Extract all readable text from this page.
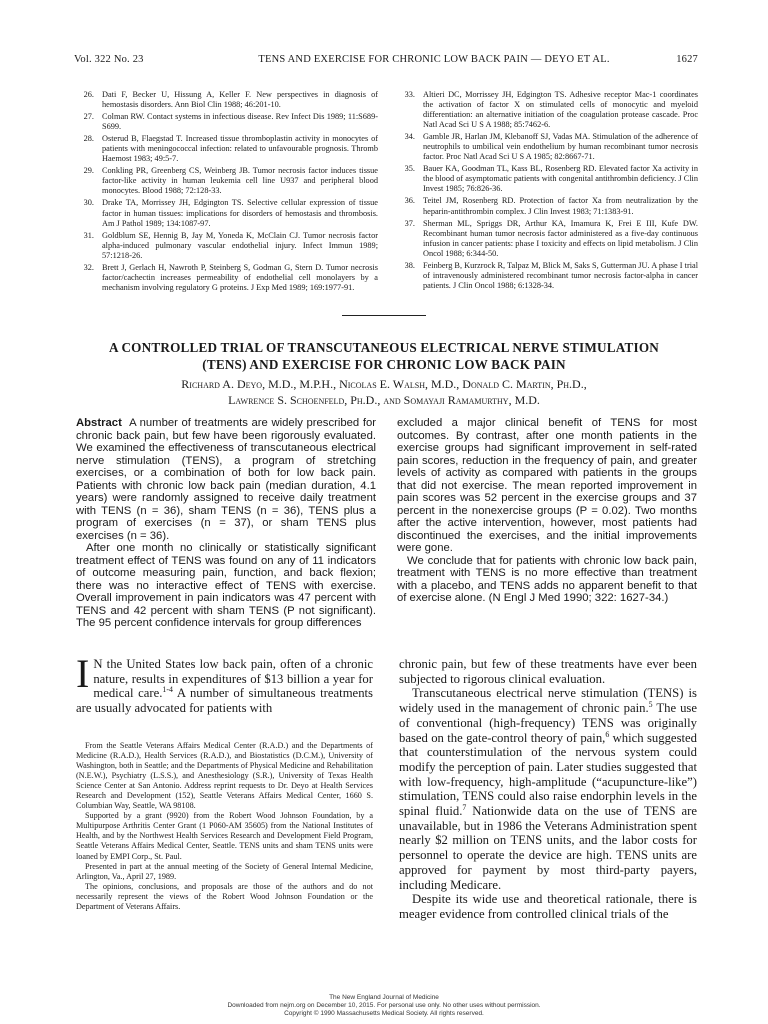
Vol. 322 No. 23	TENS AND EXERCISE FOR CHRONIC LOW BACK PAIN — DEYO ET AL.	1627
26. Dati F, Becker U, Hissung A, Keller F. New perspectives in diagnosis of hemostasis disorders. Ann Biol Clin 1988; 46:201-10.
27. Colman RW. Contact systems in infectious disease. Rev Infect Dis 1989; 11:S689-S699.
28. Osterud B, Flaegstad T. Increased tissue thromboplastin activity in monocytes of patients with meningococcal infection: related to unfavourable prognosis. Thromb Haemost 1983; 49:5-7.
29. Conkling PR, Greenberg CS, Weinberg JB. Tumor necrosis factor induces tissue factor-like activity in human leukemia cell line U937 and peripheral blood monocytes. Blood 1988; 72:128-33.
30. Drake TA, Morrissey JH, Edgington TS. Selective cellular expression of tissue factor in human tissues: implications for disorders of hemostasis and thrombosis. Am J Pathol 1989; 134:1087-97.
31. Goldblum SE, Hennig B, Jay M, Yoneda K, McClain CJ. Tumor necrosis factor alpha-induced pulmonary vascular endothelial injury. Infect Immun 1989; 57:1218-26.
32. Brett J, Gerlach H, Nawroth P, Steinberg S, Godman G, Stern D. Tumor necrosis factor/cachectin increases permeability of endothelial cell monolayers by a mechanism involving regulatory G proteins. J Exp Med 1989; 169:1977-91.
33. Altieri DC, Morrissey JH, Edgington TS. Adhesive receptor Mac-1 coordinates the activation of factor X on stimulated cells of monocytic and myeloid differentiation: an alternative initiation of the coagulation protease cascade. Proc Natl Acad Sci U S A 1988; 85:7462-6.
34. Gamble JR, Harlan JM, Klebanoff SJ, Vadas MA. Stimulation of the adherence of neutrophils to umbilical vein endothelium by human recombinant tumor necrosis factor. Proc Natl Acad Sci U S A 1985; 82:8667-71.
35. Bauer KA, Goodman TL, Kass BL, Rosenberg RD. Elevated factor Xa activity in the blood of asymptomatic patients with congenital antithrombin deficiency. J Clin Invest 1985; 76:826-36.
36. Teitel JM, Rosenberg RD. Protection of factor Xa from neutralization by the heparin-antithrombin complex. J Clin Invest 1983; 71:1383-91.
37. Sherman ML, Spriggs DR, Arthur KA, Imamura K, Frei E III, Kufe DW. Recombinant human tumor necrosis factor administered as a five-day continuous infusion in cancer patients: phase I toxicity and effects on lipid metabolism. J Clin Oncol 1988; 6:344-50.
38. Feinberg B, Kurzrock R, Talpaz M, Blick M, Saks S, Gutterman JU. A phase I trial of intravenously administered recombinant tumor necrosis factor-alpha in cancer patients. J Clin Oncol 1988; 6:1328-34.
A CONTROLLED TRIAL OF TRANSCUTANEOUS ELECTRICAL NERVE STIMULATION
(TENS) AND EXERCISE FOR CHRONIC LOW BACK PAIN
Richard A. Deyo, M.D., M.P.H., Nicolas E. Walsh, M.D., Donald C. Martin, Ph.D.,
Lawrence S. Schoenfeld, Ph.D., and Somayaji Ramamurthy, M.D.

Abstract A number of treatments are widely prescribed for chronic back pain, but few have been rigorously evaluated. We examined the effectiveness of transcutaneous electrical nerve stimulation (TENS), a program of stretching exercises, or a combination of both for low back pain. Patients with chronic low back pain (median duration, 4.1 years) were randomly assigned to receive daily treatment with TENS (n = 36), sham TENS (n = 36), TENS plus a program of exercises (n = 37), or sham TENS plus exercises (n = 36).

After one month no clinically or statistically significant treatment effect of TENS was found on any of 11 indicators of outcome measuring pain, function, and back flexion; there was no interactive effect of TENS with exercise. Overall improvement in pain indicators was 47 percent with TENS and 42 percent with sham TENS (P not significant). The 95 percent confidence intervals for group differences

excluded a major clinical benefit of TENS for most outcomes. By contrast, after one month patients in the exercise groups had significant improvement in self-rated pain scores, reduction in the frequency of pain, and greater levels of activity as compared with patients in the groups that did not exercise. The mean reported improvement in pain scores was 52 percent in the exercise groups and 37 percent in the nonexercise groups (P = 0.02). Two months after the active intervention, however, most patients had discontinued the exercises, and the initial improvements were gone.

We conclude that for patients with chronic low back pain, treatment with TENS is no more effective than treatment with a placebo, and TENS adds no apparent benefit to that of exercise alone. (N Engl J Med 1990; 322: 1627-34.)

I N the United States low back pain, often of a chronic nature, results in expenditures of $13 billion a year for medical care.$^{1-4}$ A number of simultaneous treatments are usually advocated for patients with

From the Seattle Veterans Affairs Medical Center (R.A.D.) and the Departments of Medicine (R.A.D.), Health Services (R.A.D.), and Biostatistics (D.C.M.), University of Washington, both in Seattle; and the Departments of Physical Medicine and Rehabilitation (N.E.W.), Psychiatry (L.S.S.), and Anesthesiology (S.R.), University of Texas Health Science Center at San Antonio. Address reprint requests to Dr. Deyo at Health Services Research and Development (152), Seattle Veterans Affairs Medical Center, 1660 S. Columbian Way, Seattle, WA 98108.

Supported by a grant (9920) from the Robert Wood Johnson Foundation, by a Multipurpose Arthritis Center Grant (1 P060-AM 35605) from the National Institutes of Health, and by the Northwest Health Services Research and Development Field Program, Seattle Veterans Affairs Medical Center, Seattle. TENS units and sham TENS units were loaned by EMPI Corp., St. Paul.

Presented in part at the annual meeting of the Society of General Internal Medicine, Arlington, Va., April 27, 1989.

The opinions, conclusions, and proposals are those of the authors and do not necessarily represent the views of the Robert Wood Johnson Foundation or the Department of Veterans Affairs.

chronic pain, but few of these treatments have ever been subjected to rigorous clinical evaluation.

Transcutaneous electrical nerve stimulation (TENS) is widely used in the management of chronic pain.$^5$ The use of conventional (high-frequency) TENS was originally based on the gate-control theory of pain,$^6$ which suggested that counterstimulation of the nervous system could modify the perception of pain. Later studies suggested that with low-frequency, high-amplitude (“acupuncture-like”) stimulation, TENS could also raise endorphin levels in the spinal fluid.$^7$ Nationwide data on the use of TENS are unavailable, but in 1986 the Veterans Administration spent nearly $2 million on TENS units, and the labor costs for personnel to operate the device are high. TENS units are approved for payment by most third-party payers, including Medicare.

Despite its wide use and theoretical rationale, there is meager evidence from controlled clinical trials of the

The New England Journal of Medicine
Downloaded from nejm.org on December 10, 2015. For personal use only. No other uses without permission.
Copyright © 1990 Massachusetts Medical Society. All rights reserved.
